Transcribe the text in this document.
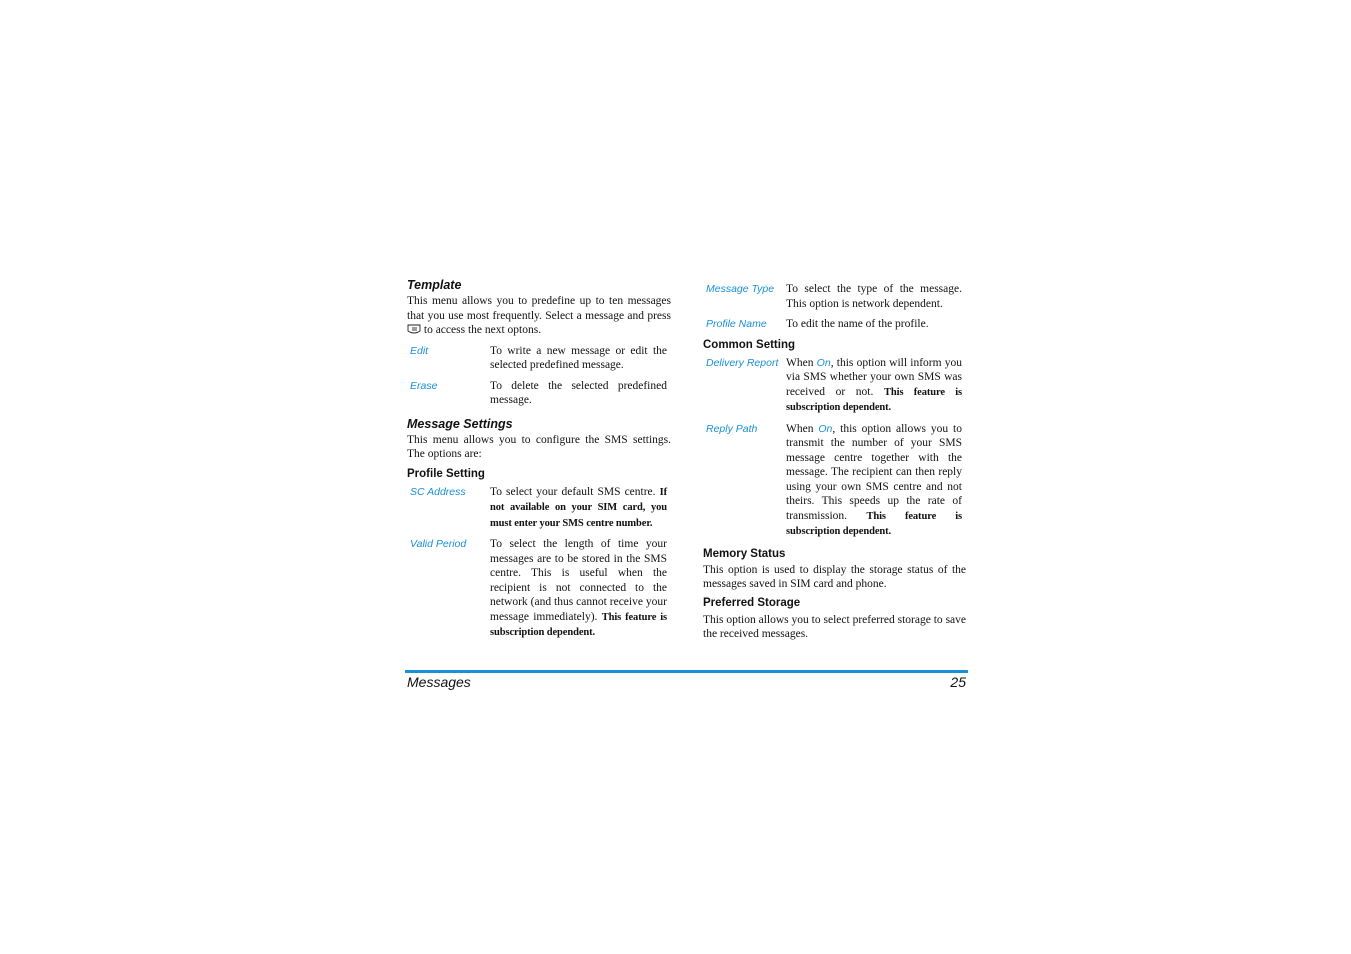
Template

This menu allows you to predefine up to ten messages that you use most frequently. Select a message and press  to access the next optons.

Edit	To write a new message or edit the selected predefined message.
Erase	To delete the selected predefined message.
Message Settings

This menu allows you to configure the SMS settings. The options are:

Profile Setting
SC Address	To select your default SMS centre. If not available on your SIM card, you must enter your SMS centre number.
Valid Period	To select the length of time your messages are to be stored in the SMS centre. This is useful when the recipient is not connected to the network (and thus cannot receive your message immediately). This feature is subscription dependent.
Message Type	To select the type of the message. This option is network dependent.
Profile Name	To edit the name of the profile.
Common Setting
Delivery Report	When On, this option will inform you via SMS whether your own SMS was received or not. This feature is subscription dependent.
Reply Path	When On, this option allows you to transmit the number of your SMS message centre together with the message. The recipient can then reply using your own SMS centre and not theirs. This speeds up the rate of transmission. This feature is subscription dependent.
Memory Status

This option is used to display the storage status of the messages saved in SIM card and phone.

Preferred Storage

This option allows you to select preferred storage to save the received messages.

Messages	25
